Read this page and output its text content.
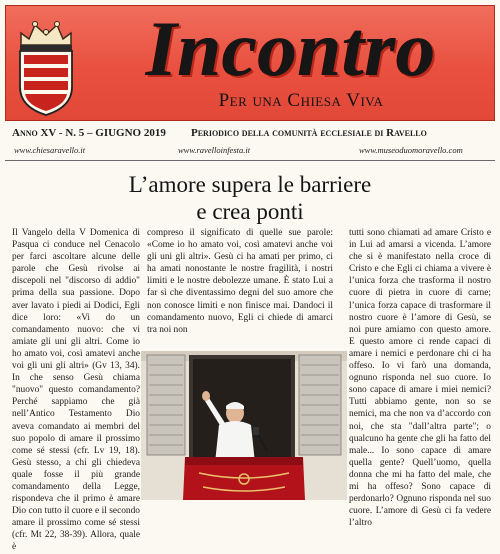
Incontro
Per una Chiesa Viva
Anno XV - N. 5 – GIUGNO 2019 Periodico della comunità ecclesiale di Ravello
www.chiesaravello.it	www.ravelloinfesta.it	www.museoduomoravello.com
L’amore supera le barriere
e crea ponti
Il Vangelo della V Domenica di Pasqua ci conduce nel Cenacolo per farci ascoltare alcune delle parole che Gesù rivolse ai discepoli nel "discorso di addio" prima della sua passione. Dopo aver lavato i piedi ai Dodici, Egli dice loro: «Vi do un comandamento nuovo: che vi amiate gli uni gli altri. Come io ho amato voi, così amatevi anche voi gli uni gli altri» (Gv 13, 34). In che senso Gesù chiama "nuovo" questo comandamento? Perché sappiamo che già nell’Antico Testamento Dio aveva comandato ai membri del suo popolo di amare il prossimo come sé stessi (cfr. Lv 19, 18). Gesù stesso, a chi gli chiedeva quale fosse il più grande comandamento della Legge, rispondeva che il primo è amare Dio con tutto il cuore e il secondo amare il prossimo come sé stessi (cfr. Mt 22, 38-39). Allora, quale è
compreso il significato di quelle sue parole: «Come io ho amato voi, così amatevi anche voi gli uni gli altri». Gesù ci ha amati per primo, ci ha amati nonostante le nostre fragilità, i nostri limiti e le nostre debolezze umane. È stato Lui a far sì che diventassimo degni del suo amore che non conosce limiti e non finisce mai. Dandoci il comandamento nuovo, Egli ci chiede di amarci tra noi non
tutti sono chiamati ad amare Cristo e in Lui ad amarsi a vicenda. L’amore che si è manifestato nella croce di Cristo e che Egli ci chiama a vivere è l’unica forza che trasforma il nostro cuore di pietra in cuore di carne; l’unica forza capace di trasformare il nostro cuore è l’amore di Gesù, se noi pure amiamo con questo amore. E questo amore ci rende capaci di amare i nemici e perdonare chi ci ha offeso. Io vi farò una domanda, ognuno risponda nel suo cuore. Io sono capace di amare i miei nemici? Tutti abbiamo gente, non so se nemici, ma che non va d’accordo con noi, che sta "dall’altra parte"; o qualcuno ha gente che gli ha fatto del male... Io sono capace di amare quella gente? Quell’uomo, quella donna che mi ha fatto del male, che mi ha offeso? Sono capace di perdonarlo? Ognuno risponda nel suo cuore. L’amore di Gesù ci fa vedere l’altro
